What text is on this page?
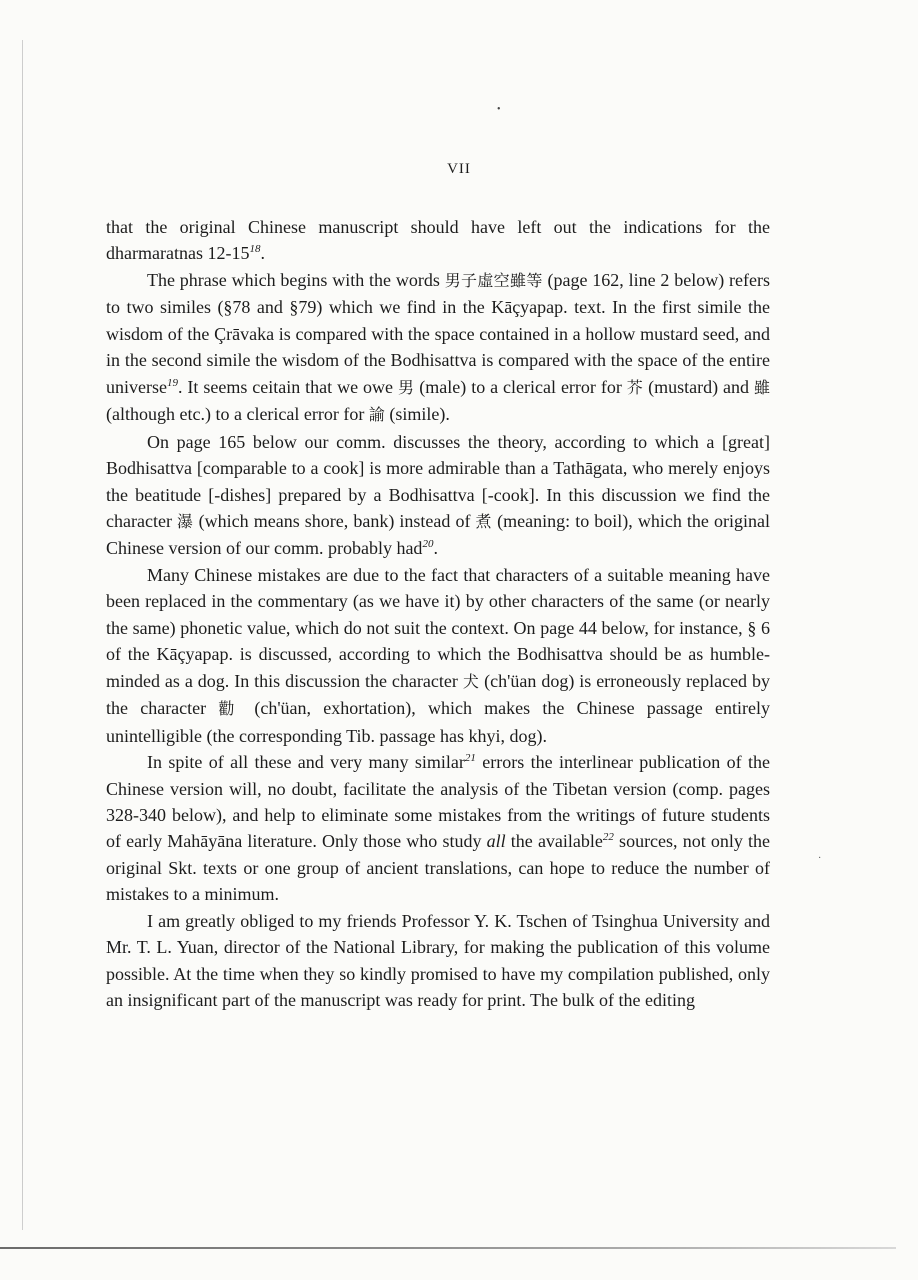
•
·
VII

that the original Chinese manuscript should have left out the indications for the dharmaratnas 12-15$^{18}$.

The phrase which begins with the words 男子虛空雖等 (page 162, line 2 below) refers to two similes (§78 and §79) which we find in the Kāçyapap. text. In the first simile the wisdom of the Çrāvaka is compared with the space contained in a hollow mustard seed, and in the second simile the wisdom of the Bodhisattva is compared with the space of the entire universe$^{19}$. It seems ceitain that we owe 男 (male) to a clerical error for 芥 (mustard) and 雖 (although etc.) to a clerical error for 諭 (simile).

On page 165 below our comm. discusses the theory, according to which a [great] Bodhisattva [comparable to a cook] is more admirable than a Tathāgata, who merely enjoys the beatitude [-dishes] prepared by a Bodhisattva [-cook]. In this discussion we find the character 瀑 (which means shore, bank) instead of 煮 (meaning: to boil), which the original Chinese version of our comm. probably had$^{20}$.

Many Chinese mistakes are due to the fact that characters of a suitable meaning have been replaced in the commentary (as we have it) by other characters of the same (or nearly the same) phonetic value, which do not suit the context. On page 44 below, for instance, § 6 of the Kāçyapap. is discussed, according to which the Bodhisattva should be as humble-minded as a dog. In this discussion the character 犬 (ch'üan dog) is erroneously replaced by the character 勸 (ch'üan, exhortation), which makes the Chinese passage entirely unintelligible (the corresponding Tib. passage has khyi, dog).

In spite of all these and very many similar$^{21}$ errors the interlinear publication of the Chinese version will, no doubt, facilitate the analysis of the Tibetan version (comp. pages 328-340 below), and help to eliminate some mistakes from the writings of future students of early Mahāyāna literature. Only those who study all the available$^{22}$ sources, not only the original Skt. texts or one group of ancient translations, can hope to reduce the number of mistakes to a minimum.

I am greatly obliged to my friends Professor Y. K. Tschen of Tsinghua University and Mr. T. L. Yuan, director of the National Library, for making the publication of this volume possible. At the time when they so kindly promised to have my compilation published, only an insignificant part of the manuscript was ready for print. The bulk of the editing
